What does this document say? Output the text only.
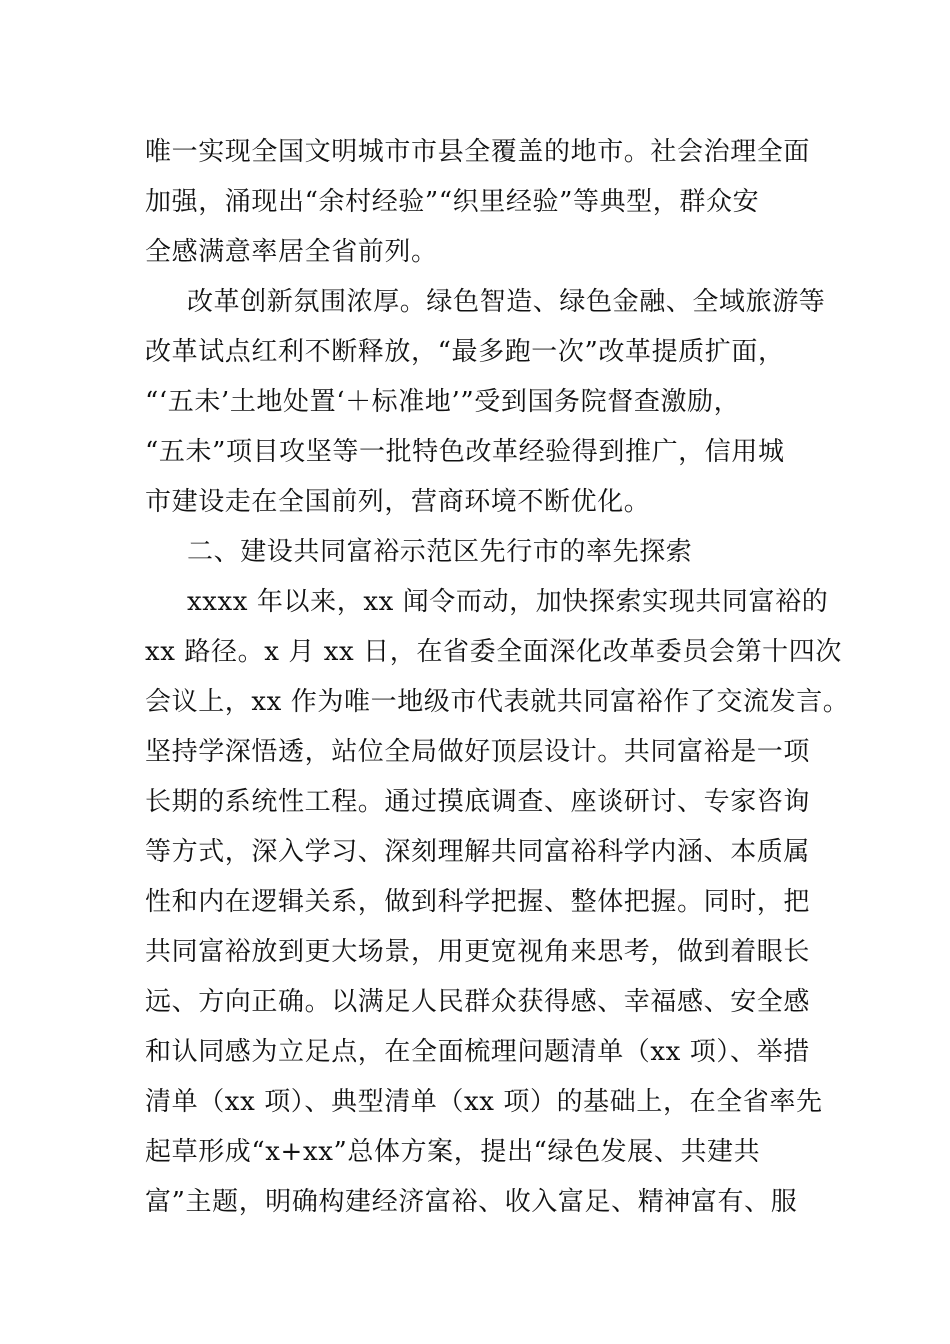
唯一实现全国文明城市市县全覆盖的地市。社会治理全面
加强，涌现出“余村经验”“织里经验”等典型，群众安
全感满意率居全省前列。
改革创新氛围浓厚。绿色智造、绿色金融、全域旅游等
改革试点红利不断释放，“最多跑一次”改革提质扩面，
“‘五未’土地处置‘＋标准地’”受到国务院督查激励，
“五未”项目攻坚等一批特色改革经验得到推广，信用城
市建设走在全国前列，营商环境不断优化。
二、建设共同富裕示范区先行市的率先探索
xxxx 年以来，xx 闻令而动，加快探索实现共同富裕的
xx 路径。x 月 xx 日，在省委全面深化改革委员会第十四次
会议上，xx 作为唯一地级市代表就共同富裕作了交流发言。
坚持学深悟透，站位全局做好顶层设计。共同富裕是一项
长期的系统性工程。通过摸底调查、座谈研讨、专家咨询
等方式，深入学习、深刻理解共同富裕科学内涵、本质属
性和内在逻辑关系，做到科学把握、整体把握。同时，把
共同富裕放到更大场景，用更宽视角来思考，做到着眼长
远、方向正确。以满足人民群众获得感、幸福感、安全感
和认同感为立足点，在全面梳理问题清单（xx 项）、举措
清单（xx 项）、典型清单（xx 项）的基础上，在全省率先
起草形成“x+xx”总体方案，提出“绿色发展、共建共
富”主题，明确构建经济富裕、收入富足、精神富有、服
